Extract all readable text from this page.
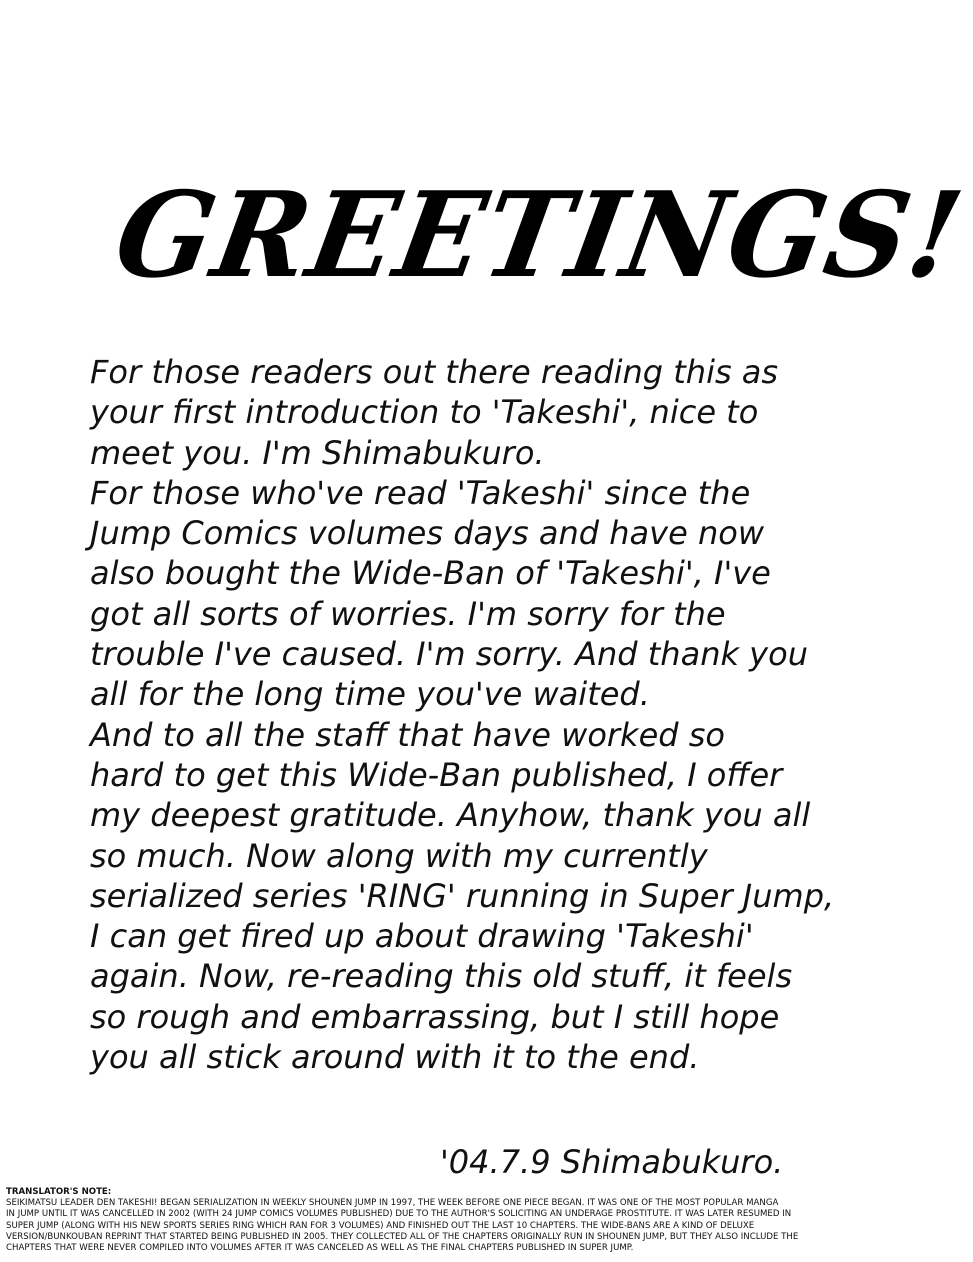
GREETINGS!
For those readers out there reading this as
your first introduction to 'Takeshi', nice to
meet you. I'm Shimabukuro.
For those who've read 'Takeshi' since the
Jump Comics volumes days and have now
also bought the Wide-Ban of 'Takeshi', I've
got all sorts of worries. I'm sorry for the
trouble I've caused. I'm sorry. And thank you
all for the long time you've waited.
And to all the staff that have worked so
hard to get this Wide-Ban published, I offer
my deepest gratitude. Anyhow, thank you all
so much. Now along with my currently
serialized series 'RING' running in Super Jump,
I can get fired up about drawing 'Takeshi'
again. Now, re-reading this old stuff, it feels
so rough and embarrassing, but I still hope
you all stick around with it to the end.
'04.7.9 Shimabukuro.
TRANSLATOR'S NOTE:
SEIKIMATSU LEADER DEN TAKESHI! BEGAN SERIALIZATION IN WEEKLY SHOUNEN JUMP IN 1997, THE WEEK BEFORE ONE PIECE BEGAN. IT WAS ONE OF THE MOST POPULAR MANGA
IN JUMP UNTIL IT WAS CANCELLED IN 2002 (WITH 24 JUMP COMICS VOLUMES PUBLISHED) DUE TO THE AUTHOR'S SOLICITING AN UNDERAGE PROSTITUTE. IT WAS LATER RESUMED IN
SUPER JUMP (ALONG WITH HIS NEW SPORTS SERIES RING WHICH RAN FOR 3 VOLUMES) AND FINISHED OUT THE LAST 10 CHAPTERS. THE WIDE-BANS ARE A KIND OF DELUXE
VERSION/BUNKOUBAN REPRINT THAT STARTED BEING PUBLISHED IN 2005. THEY COLLECTED ALL OF THE CHAPTERS ORIGINALLY RUN IN SHOUNEN JUMP, BUT THEY ALSO INCLUDE THE
CHAPTERS THAT WERE NEVER COMPILED INTO VOLUMES AFTER IT WAS CANCELED AS WELL AS THE FINAL CHAPTERS PUBLISHED IN SUPER JUMP.
